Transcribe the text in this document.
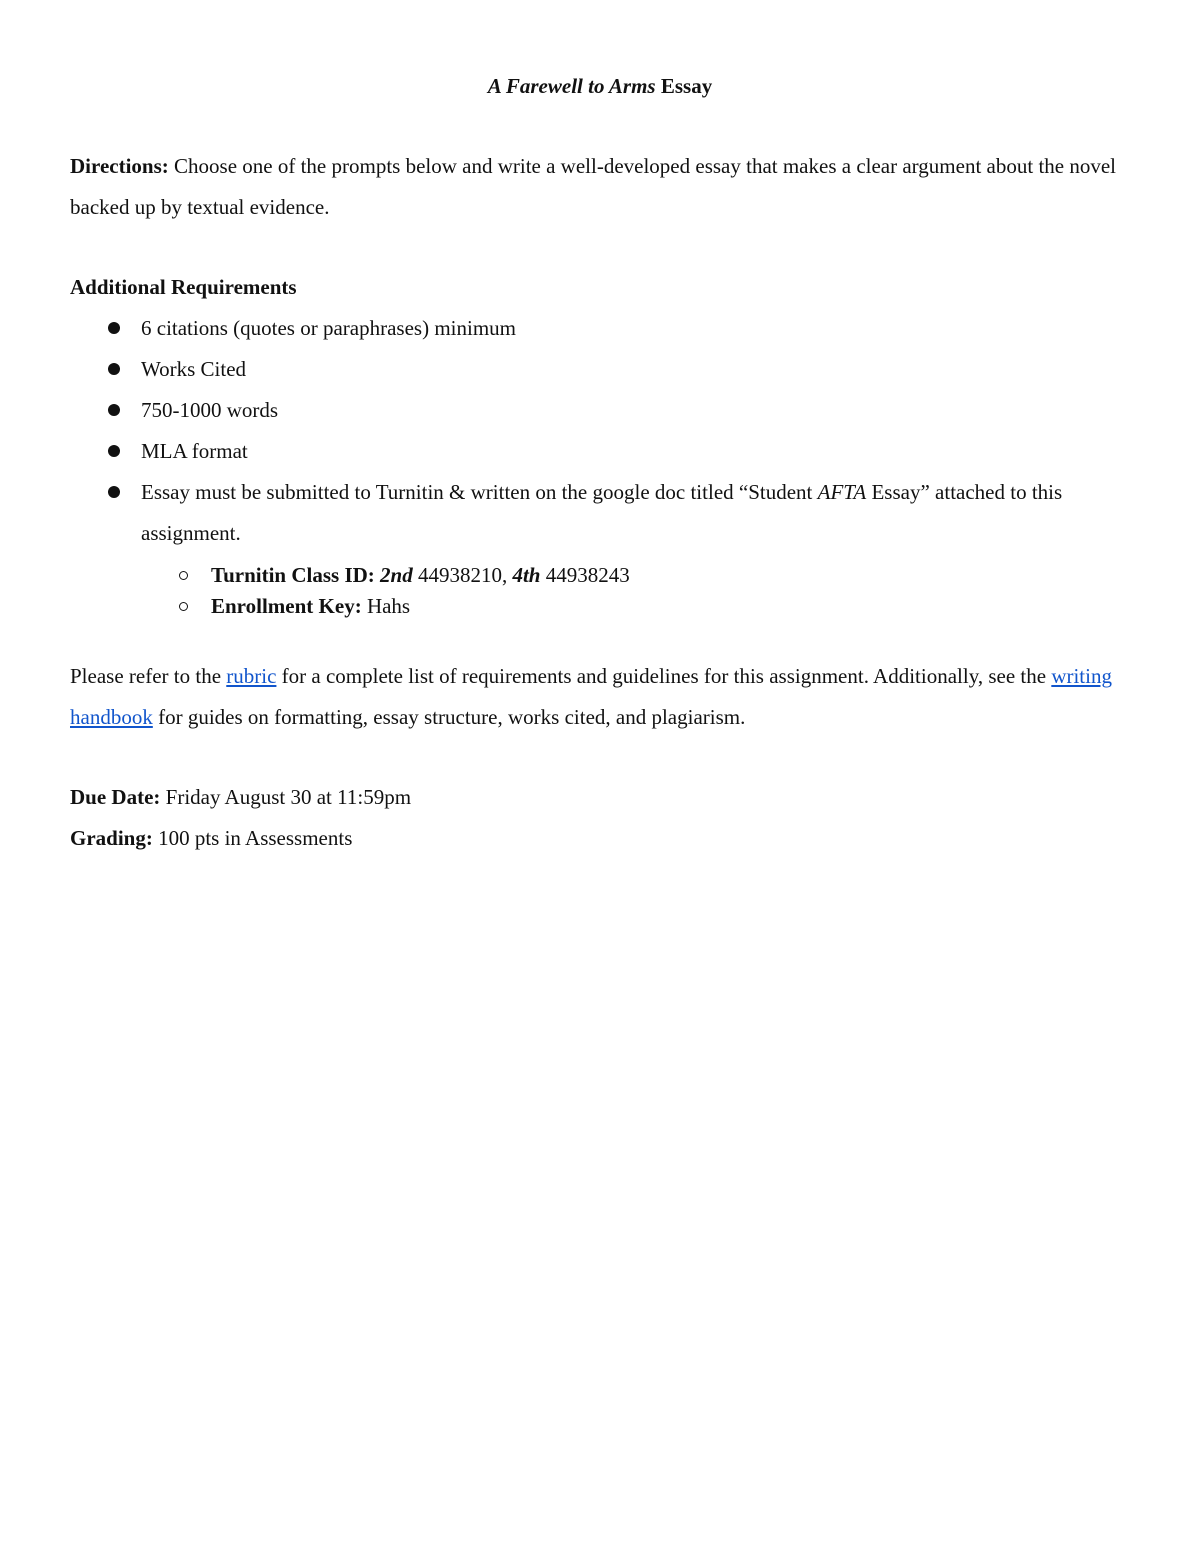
A Farewell to Arms Essay
Directions: Choose one of the prompts below and write a well-developed essay that makes a clear argument about the novel backed up by textual evidence.
Additional Requirements
6 citations (quotes or paraphrases) minimum
Works Cited
750-1000 words
MLA format
Essay must be submitted to Turnitin & written on the google doc titled “Student AFTA Essay” attached to this assignment.
Turnitin Class ID: 2nd 44938210, 4th 44938243
Enrollment Key: Hahs
Please refer to the rubric for a complete list of requirements and guidelines for this assignment. Additionally, see the writing handbook for guides on formatting, essay structure, works cited, and plagiarism.
Due Date: Friday August 30 at 11:59pm
Grading: 100 pts in Assessments
